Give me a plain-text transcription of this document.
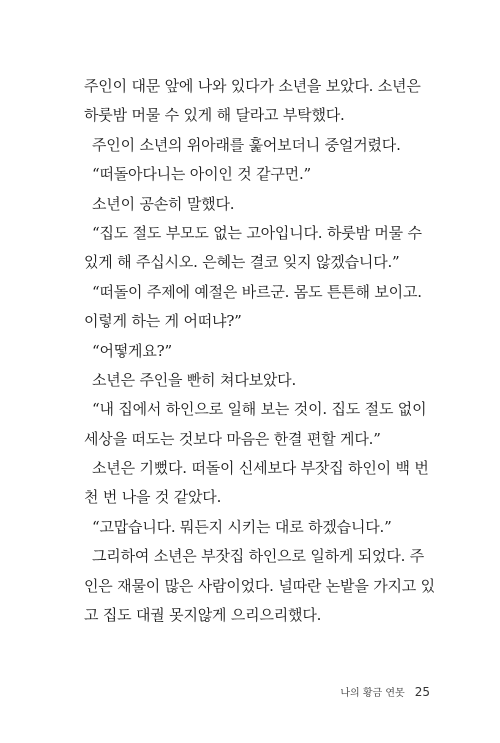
주인이 대문 앞에 나와 있다가 소년을 보았다. 소년은
하룻밤 머물 수 있게 해 달라고 부탁했다.
주인이 소년의 위아래를 훑어보더니 중얼거렸다.
“떠돌아다니는 아이인 것 같구먼.”
소년이 공손히 말했다.
“집도 절도 부모도 없는 고아입니다. 하룻밤 머물 수
있게 해 주십시오. 은혜는 결코 잊지 않겠습니다.”
“떠돌이 주제에 예절은 바르군. 몸도 튼튼해 보이고.
이렇게 하는 게 어떠냐?”
“어떻게요?”
소년은 주인을 빤히 쳐다보았다.
“내 집에서 하인으로 일해 보는 것이. 집도 절도 없이
세상을 떠도는 것보다 마음은 한결 편할 게다.”
소년은 기뻤다. 떠돌이 신세보다 부잣집 하인이 백 번
천 번 나을 것 같았다.
“고맙습니다. 뭐든지 시키는 대로 하겠습니다.”
그리하여 소년은 부잣집 하인으로 일하게 되었다. 주
인은 재물이 많은 사람이었다. 널따란 논밭을 가지고 있
고 집도 대궐 못지않게 으리으리했다.
나의 황금 연못 25
